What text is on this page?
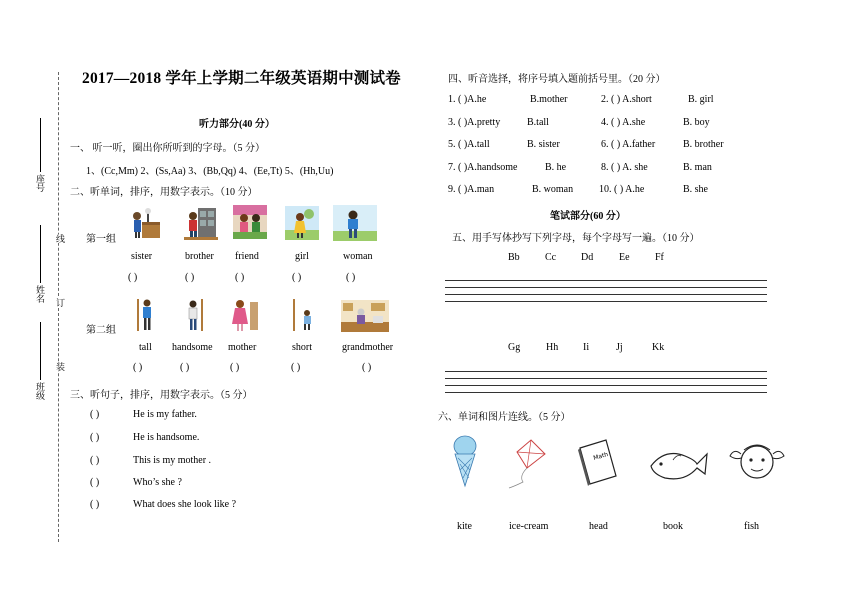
座号
姓名
班级
线
订
装
2017—2018 学年上学期二年级英语期中测试卷
听力部分(40 分）
一、 听一听，圈出你所听到的字母。（5 分）
1、(Cc,Mm) 2、(Ss,Aa) 3、(Bb,Qq) 4、(Ee,Tt) 5、(Hh,Uu)
二、听单词，排序，用数字表示。（10 分）
第一组
sister	brother friend	girl	woman
( )	( )	( )	( )	( )
第二组
tall handsome mother	short	grandmother
( )	( )	( )	( )	( )
三、听句子，排序，用数字表示。（5 分）
( )	He is my father.
( )	He is handsome.
( )	This is my mother .
( )	Who’s she ?
( )	What does she look like ?
四、听音选择，将序号填入题前括号里。（20 分）
1. ( )A.he	B.mother	2. ( ) A.short	B. girl
3. ( )A.pretty	B.tall	4. ( ) A.she	B. boy
5. ( )A.tall	B. sister	6. ( ) A.father	B. brother
7. ( )A.handsome	B. he	8. ( ) A. she	B. man
9. ( )A.man	B. woman	10. ( ) A.he	B. she
笔试部分(60 分）
五、用手写体抄写下列字母，每个字母写一遍。（10 分）
Bb	Cc Dd	Ee	Ff
Gg	Hh Ii	Jj	Kk
六、单词和图片连线。（5 分）
Math
kite	ice-cream	head	book	fish
